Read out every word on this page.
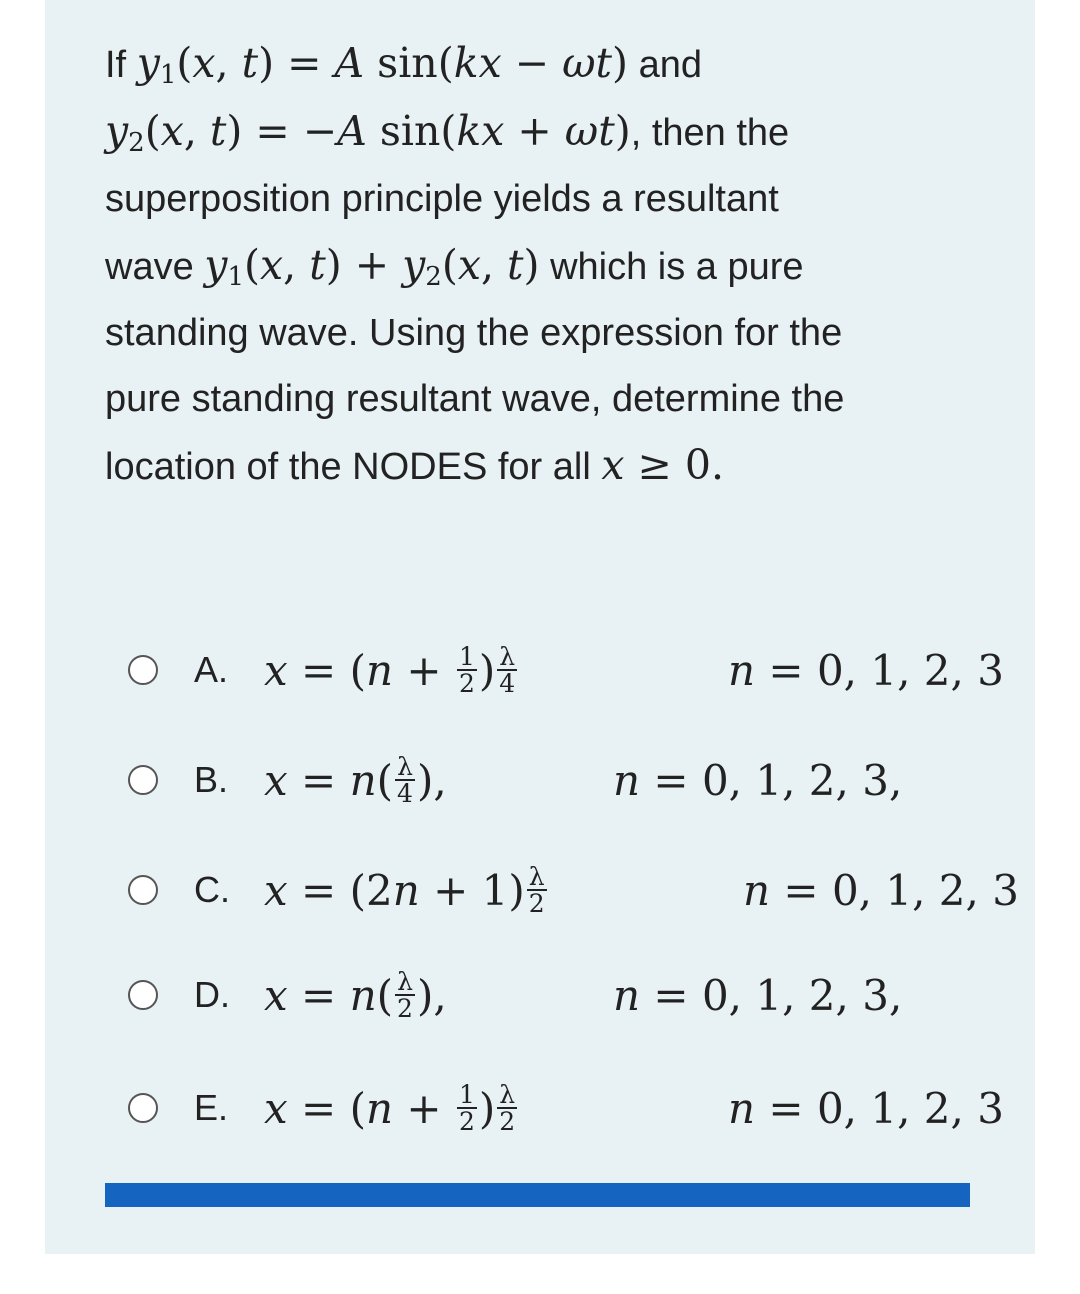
If $y_1(x$, t) = A sin(kx − ωt) and
$y_2(x$, t) = −A sin(kx + ωt), then the
superposition principle yields a resultant
wave $y_1(x$, $t) + y_2(x$, t) which is a pure
standing wave. Using the expression for the
pure standing resultant wave, determine the
location of the NODES for all x ≥ 0.
A. x = ( $n + \frac{1}{2}$ ) $\frac{\lambda}{4}$	n = 0, 1, 2, 3
B. x = n ( $\frac{\lambda}{4}$ ),	n = 0, 1, 2, 3,
C. x = (2 $n + 1) \frac{\lambda}{2}$	n = 0, 1, 2, 3
D. x = n ( $\frac{\lambda}{2}$ ),	n = 0, 1, 2, 3,
E. x = ( $n + \frac{1}{2}$ ) $\frac{\lambda}{2}$	n = 0, 1, 2, 3
